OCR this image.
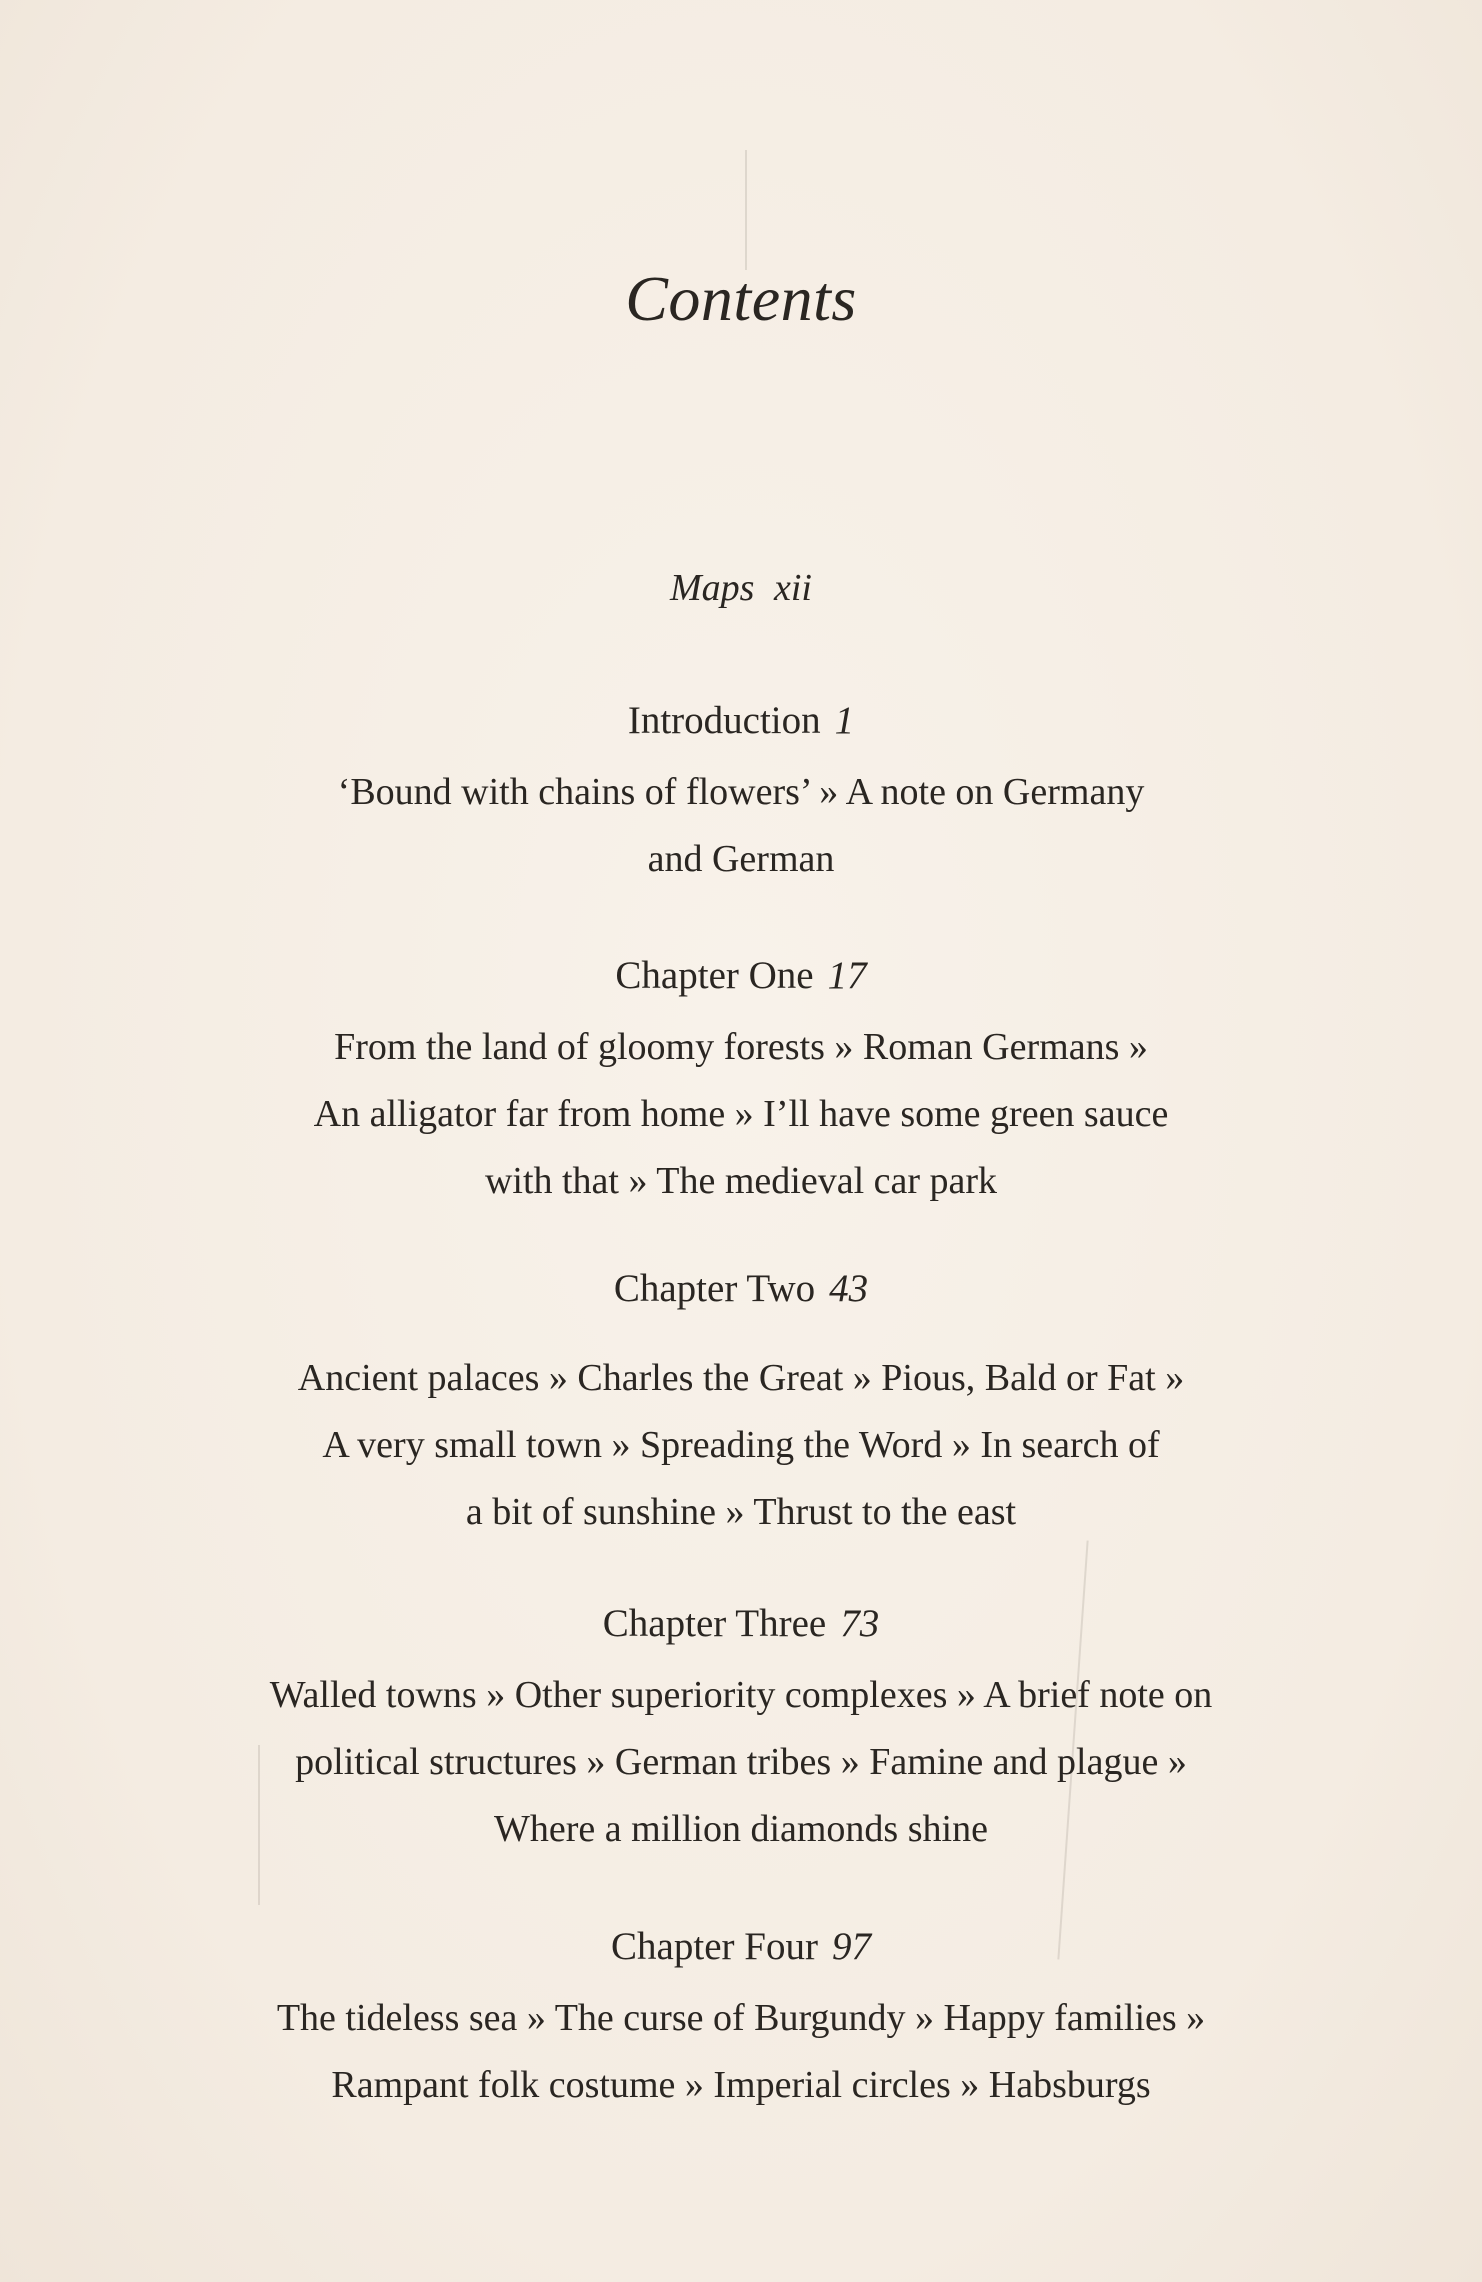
Contents
Maps xii
Introduction 1
‘Bound with chains of flowers’ » A note on Germany
and German
Chapter One 17
From the land of gloomy forests » Roman Germans »
An alligator far from home » I’ll have some green sauce
with that » The medieval car park
Chapter Two 43
Ancient palaces » Charles the Great » Pious, Bald or Fat »
A very small town » Spreading the Word » In search of
a bit of sunshine » Thrust to the east
Chapter Three 73
Walled towns » Other superiority complexes » A brief note on
political structures » German tribes » Famine and plague »
Where a million diamonds shine
Chapter Four 97
The tideless sea » The curse of Burgundy » Happy families »
Rampant folk costume » Imperial circles » Habsburgs
